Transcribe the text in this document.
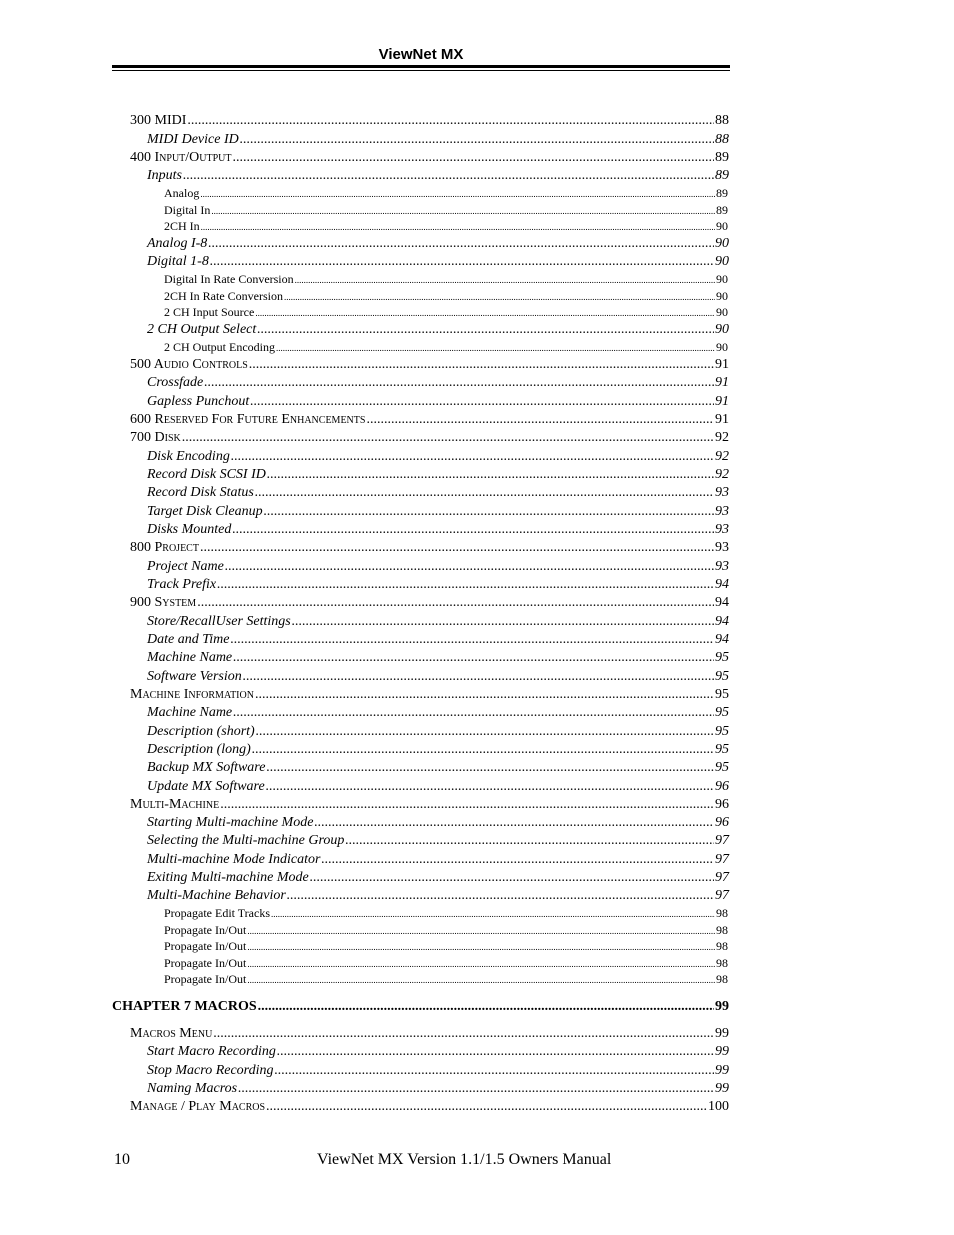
ViewNet MX
300 MIDI .....	88
MIDI Device ID .....	88
400 Input/Output .....	89
Inputs .....	89
Analog .....	89
Digital In .....	89
2CH In .....	90
Analog I-8 .....	90
Digital 1-8 .....	90
Digital In Rate Conversion .....	90
2CH In Rate Conversion .....	90
2 CH Input Source .....	90
2 CH Output Select .....	90
2 CH Output Encoding .....	90
500 Audio Controls .....	91
Crossfade .....	91
Gapless Punchout .....	91
600 Reserved For Future Enhancements .....	91
700 Disk .....	92
Disk Encoding .....	92
Record Disk SCSI ID .....	92
Record Disk Status .....	93
Target Disk Cleanup .....	93
Disks Mounted .....	93
800 Project .....	93
Project Name .....	93
Track Prefix .....	94
900 System .....	94
Store/RecallUser Settings .....	94
Date and Time .....	94
Machine Name .....	95
Software Version .....	95
Machine Information .....	95
Machine Name .....	95
Description (short) .....	95
Description (long) .....	95
Backup MX Software .....	95
Update MX Software .....	96
Multi-Machine .....	96
Starting Multi-machine Mode .....	96
Selecting the Multi-machine Group .....	97
Multi-machine Mode Indicator .....	97
Exiting Multi-machine Mode .....	97
Multi-Machine Behavior .....	97
Propagate Edit Tracks .....	98
Propagate In/Out .....	98
Propagate In/Out .....	98
Propagate In/Out .....	98
Propagate In/Out .....	98
CHAPTER 7 MACROS .....	99
Macros Menu .....	99
Start Macro Recording .....	99
Stop Macro Recording .....	99
Naming Macros .....	99
Manage / Play Macros .....	100
10	ViewNet MX Version 1.1/1.5 Owners Manual
